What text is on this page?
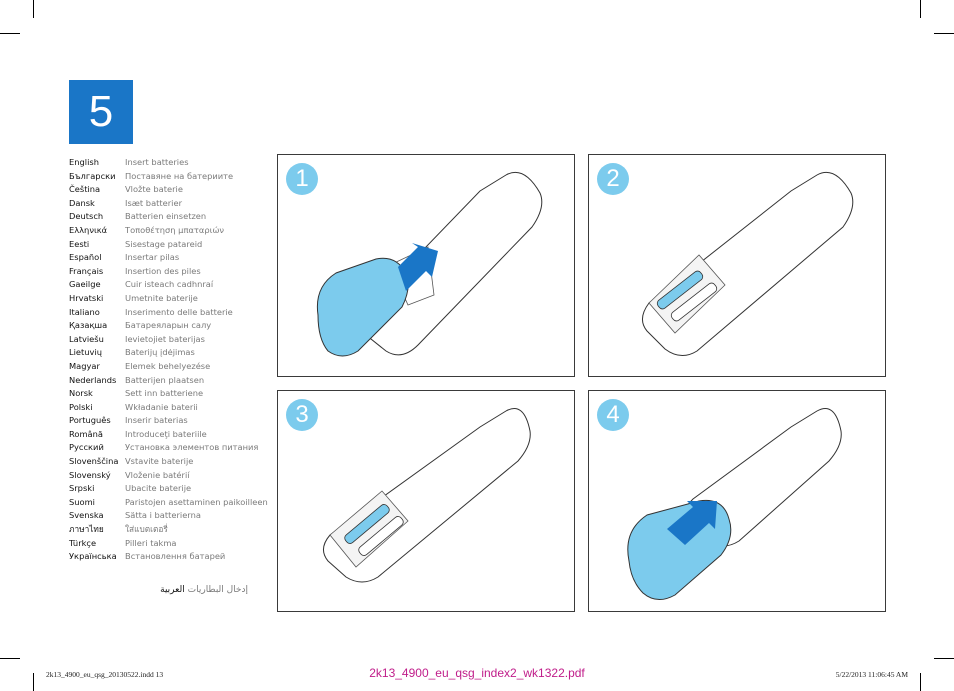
5
English	Insert batteries
Български	Поставяне на батериите
Čeština	Vložte baterie
Dansk	Isæt batterier
Deutsch	Batterien einsetzen
Ελληνικά	Τοποθέτηση μπαταριών
Eesti	Sisestage patareid
Español	Insertar pilas
Français	Insertion des piles
Gaeilge	Cuir isteach cadhnraí
Hrvatski	Umetnite baterije
Italiano	Inserimento delle batterie
Қазақша	Батареяларын салу
Latviešu	Ievietojiet baterijas
Lietuvių	Baterijų įdėjimas
Magyar	Elemek behelyezése
Nederlands	Batterijen plaatsen
Norsk	Sett inn batteriene
Polski	Wkładanie baterii
Português	Inserir baterias
Română	Introduceţi bateriile
Русский	Установка элементов питания
Slovenščina Vstavite baterije
Slovenský	Vloženie batérií
Srpski	Ubacite baterije
Suomi	Paristojen asettaminen paikoilleen
Svenska	Sätta i batterierna
ภาษาไทย	ใส่แบตเตอรี่
Türkçe	Pilleri takma
Українська Встановлення батарей
إدخال البطاريات العربية
1	2
3	4
2k13_4900_eu_qsg_20130522.indd 13	2k13_4900_eu_qsg_index2_wk1322.pdf	5/22/2013 11:06:45 AM
